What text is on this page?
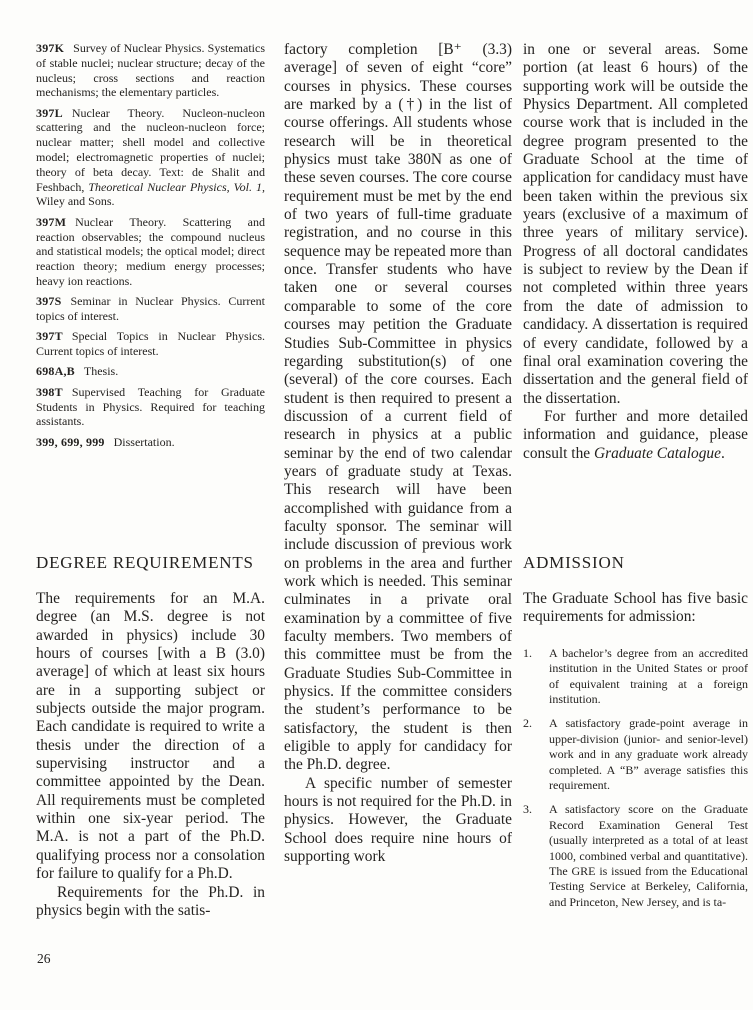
397K Survey of Nuclear Physics. Systematics of stable nuclei; nuclear structure; decay of the nucleus; cross sections and reaction mechanisms; the elementary particles.

397L Nuclear Theory. Nucleon-nucleon scattering and the nucleon-nucleon force; nuclear matter; shell model and collective model; electromagnetic properties of nuclei; theory of beta decay. Text: de Shalit and Feshbach, Theoretical Nuclear Physics, Vol. 1, Wiley and Sons.

397M Nuclear Theory. Scattering and reaction observables; the compound nucleus and statistical models; the optical model; direct reaction theory; medium energy processes; heavy ion reactions.

397S Seminar in Nuclear Physics. Current topics of interest.

397T Special Topics in Nuclear Physics. Current topics of interest.

698A,B Thesis.

398T Supervised Teaching for Graduate Students in Physics. Required for teaching assistants.

399, 699, 999 Dissertation.

DEGREE REQUIREMENTS

The requirements for an M.A. degree (an M.S. degree is not awarded in physics) include 30 hours of courses [with a B (3.0) average] of which at least six hours are in a supporting subject or subjects outside the major program. Each candidate is required to write a thesis under the direction of a supervising instructor and a committee appointed by the Dean. All requirements must be completed within one six-year period. The M.A. is not a part of the Ph.D. qualifying process nor a consolation for failure to qualify for a Ph.D.

Requirements for the Ph.D. in physics begin with the satis-

factory completion [B⁺ (3.3) average] of seven of eight “core” courses in physics. These courses are marked by a (†) in the list of course offerings. All students whose research will be in theoretical physics must take 380N as one of these seven courses. The core course requirement must be met by the end of two years of full-time graduate registration, and no course in this sequence may be repeated more than once. Transfer students who have taken one or several courses comparable to some of the core courses may petition the Graduate Studies Sub-Committee in physics regarding substitution(s) of one (several) of the core courses. Each student is then required to present a discussion of a current field of research in physics at a public seminar by the end of two calendar years of graduate study at Texas. This research will have been accomplished with guidance from a faculty sponsor. The seminar will include discussion of previous work on problems in the area and further work which is needed. This seminar culminates in a private oral examination by a committee of five faculty members. Two members of this committee must be from the Graduate Studies Sub-Committee in physics. If the committee considers the student’s performance to be satisfactory, the student is then eligible to apply for candidacy for the Ph.D. degree.

A specific number of semester hours is not required for the Ph.D. in physics. However, the Graduate School does require nine hours of supporting work

in one or several areas. Some portion (at least 6 hours) of the supporting work will be outside the Physics Department. All completed course work that is included in the degree program presented to the Graduate School at the time of application for candidacy must have been taken within the previous six years (exclusive of a maximum of three years of military service). Progress of all doctoral candidates is subject to review by the Dean if not completed within three years from the date of admission to candidacy. A dissertation is required of every candidate, followed by a final oral examination covering the dissertation and the general field of the dissertation.

For further and more detailed information and guidance, please consult the Graduate Catalogue.

ADMISSION

The Graduate School has five basic requirements for admission:

1.	A bachelor’s degree from an accredited institution in the United States or proof of equivalent training at a foreign institution.
2.	A satisfactory grade-point average in upper-division (junior- and senior-level) work and in any graduate work already completed. A “B” average satisfies this requirement.
3.	A satisfactory score on the Graduate Record Examination General Test (usually interpreted as a total of at least 1000, combined verbal and quantitative). The GRE is issued from the Educational Testing Service at Berkeley, California, and Princeton, New Jersey, and is ta-
26
